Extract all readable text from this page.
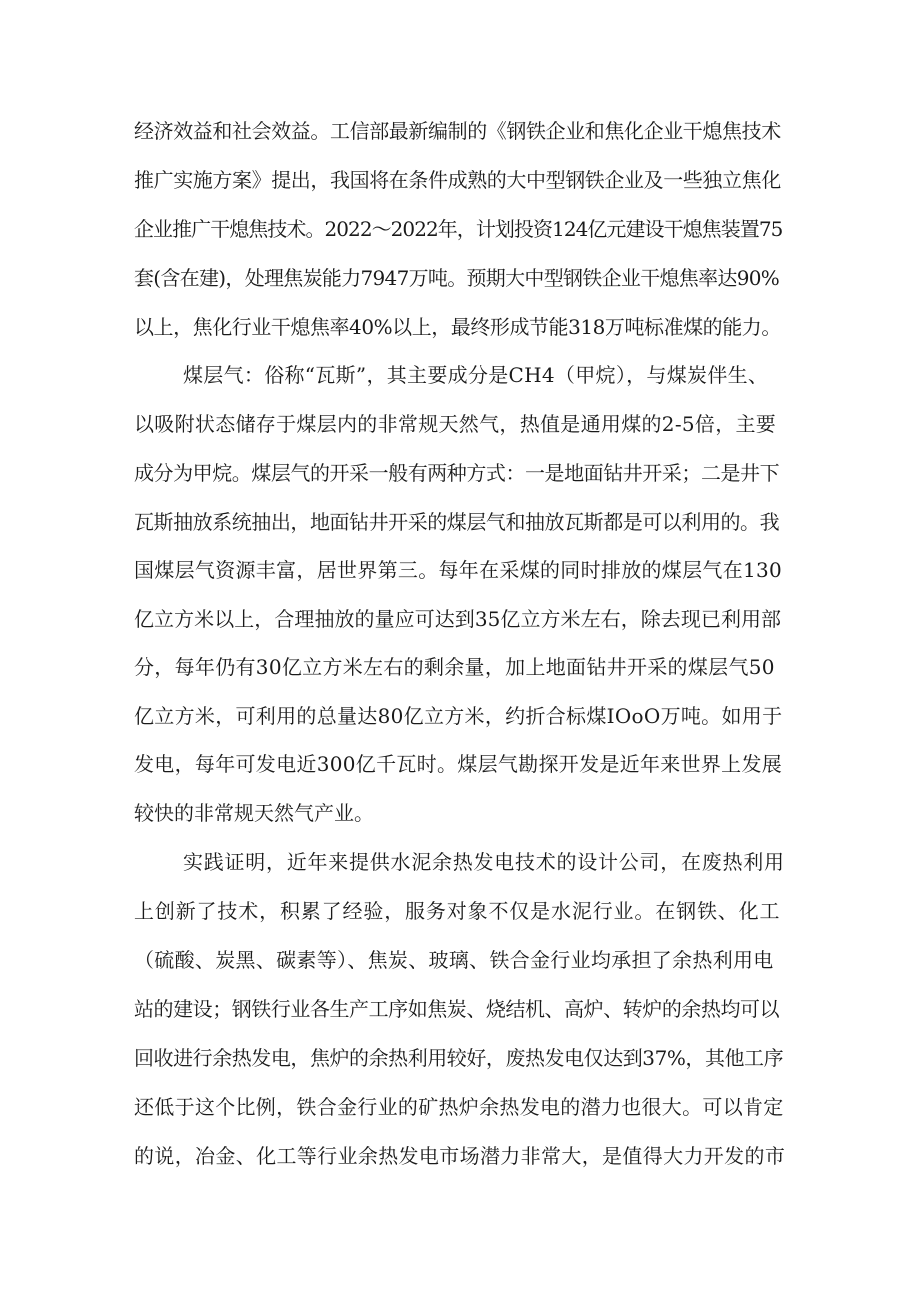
经济效益和社会效益。工信部最新编制的《钢铁企业和焦化企业干熄焦技术
推广实施方案》提出，我国将在条件成熟的大中型钢铁企业及一些独立焦化
企业推广干熄焦技术。2022～2022年，计划投资124亿元建设干熄焦装置75
套(含在建)，处理焦炭能力7947万吨。预期大中型钢铁企业干熄焦率达90%
以上，焦化行业干熄焦率40%以上，最终形成节能318万吨标准煤的能力。
煤层气：俗称“瓦斯”，其主要成分是CH4（甲烷），与煤炭伴生、
以吸附状态储存于煤层内的非常规天然气，热值是通用煤的2-5倍，主要
成分为甲烷。煤层气的开采一般有两种方式：一是地面钻井开采；二是井下
瓦斯抽放系统抽出，地面钻井开采的煤层气和抽放瓦斯都是可以利用的。我
国煤层气资源丰富，居世界第三。每年在采煤的同时排放的煤层气在130
亿立方米以上，合理抽放的量应可达到35亿立方米左右，除去现已利用部
分，每年仍有30亿立方米左右的剩余量，加上地面钻井开采的煤层气50
亿立方米，可利用的总量达80亿立方米，约折合标煤IOoO万吨。如用于
发电，每年可发电近300亿千瓦时。煤层气勘探开发是近年来世界上发展
较快的非常规天然气产业。
实践证明，近年来提供水泥余热发电技术的设计公司，在废热利用
上创新了技术，积累了经验，服务对象不仅是水泥行业。在钢铁、化工
（硫酸、炭黑、碳素等）、焦炭、玻璃、铁合金行业均承担了余热利用电
站的建设；钢铁行业各生产工序如焦炭、烧结机、高炉、转炉的余热均可以
回收进行余热发电，焦炉的余热利用较好，废热发电仅达到37%，其他工序
还低于这个比例，铁合金行业的矿热炉余热发电的潜力也很大。可以肯定
的说，冶金、化工等行业余热发电市场潜力非常大，是值得大力开发的市
